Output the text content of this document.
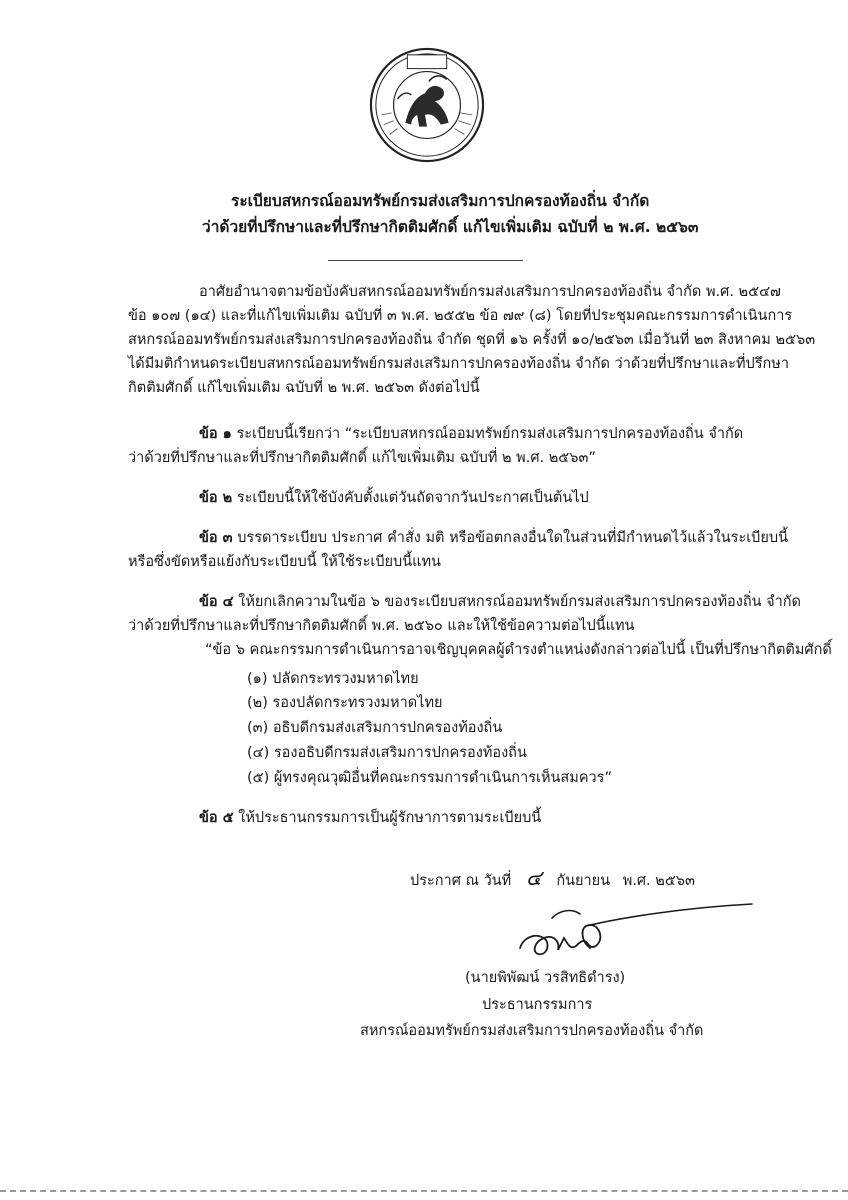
ระเบียบสหกรณ์ออมทรัพย์กรมส่งเสริมการปกครองท้องถิ่น จำกัด
ว่าด้วยที่ปรึกษาและที่ปรึกษากิตติมศักดิ์ แก้ไขเพิ่มเติม ฉบับที่ ๒ พ.ศ. ๒๕๖๓
อาศัยอำนาจตามข้อบังคับสหกรณ์ออมทรัพย์กรมส่งเสริมการปกครองท้องถิ่น จำกัด พ.ศ. ๒๕๔๗
ข้อ ๑๐๗ (๑๔) และที่แก้ไขเพิ่มเติม ฉบับที่ ๓ พ.ศ. ๒๕๕๒ ข้อ ๗๙ (๘) โดยที่ประชุมคณะกรรมการดำเนินการ
สหกรณ์ออมทรัพย์กรมส่งเสริมการปกครองท้องถิ่น จำกัด ชุดที่ ๑๖ ครั้งที่ ๑๐/๒๕๖๓ เมื่อวันที่ ๒๓ สิงหาคม ๒๕๖๓
ได้มีมติกำหนดระเบียบสหกรณ์ออมทรัพย์กรมส่งเสริมการปกครองท้องถิ่น จำกัด ว่าด้วยที่ปรึกษาและที่ปรึกษา
กิตติมศักดิ์ แก้ไขเพิ่มเติม ฉบับที่ ๒ พ.ศ. ๒๕๖๓ ดังต่อไปนี้
ข้อ ๑ ระเบียบนี้เรียกว่า “ระเบียบสหกรณ์ออมทรัพย์กรมส่งเสริมการปกครองท้องถิ่น จำกัด
ว่าด้วยที่ปรึกษาและที่ปรึกษากิตติมศักดิ์ แก้ไขเพิ่มเติม ฉบับที่ ๒ พ.ศ. ๒๕๖๓”
ข้อ ๒ ระเบียบนี้ให้ใช้บังคับตั้งแต่วันถัดจากวันประกาศเป็นต้นไป
ข้อ ๓ บรรดาระเบียบ ประกาศ คำสั่ง มติ หรือข้อตกลงอื่นใดในส่วนที่มีกำหนดไว้แล้วในระเบียบนี้
หรือซึ่งขัดหรือแย้งกับระเบียบนี้ ให้ใช้ระเบียบนี้แทน
ข้อ ๔ ให้ยกเลิกความในข้อ ๖ ของระเบียบสหกรณ์ออมทรัพย์กรมส่งเสริมการปกครองท้องถิ่น จำกัด
ว่าด้วยที่ปรึกษาและที่ปรึกษากิตติมศักดิ์ พ.ศ. ๒๕๖๐ และให้ใช้ข้อความต่อไปนี้แทน
“ข้อ ๖ คณะกรรมการดำเนินการอาจเชิญบุคคลผู้ดำรงตำแหน่งดังกล่าวต่อไปนี้ เป็นที่ปรึกษากิตติมศักดิ์
(๑) ปลัดกระทรวงมหาดไทย
(๒) รองปลัดกระทรวงมหาดไทย
(๓) อธิบดีกรมส่งเสริมการปกครองท้องถิ่น
(๔) รองอธิบดีกรมส่งเสริมการปกครองท้องถิ่น
(๕) ผู้ทรงคุณวุฒิอื่นที่คณะกรรมการดำเนินการเห็นสมควร”
ข้อ ๕ ให้ประธานกรรมการเป็นผู้รักษาการตามระเบียบนี้
ประกาศ ณ วันที่ ๔ กันยายน พ.ศ. ๒๕๖๓
(นายพิพัฒน์ วรสิทธิดำรง)
ประธานกรรมการ
สหกรณ์ออมทรัพย์กรมส่งเสริมการปกครองท้องถิ่น จำกัด
